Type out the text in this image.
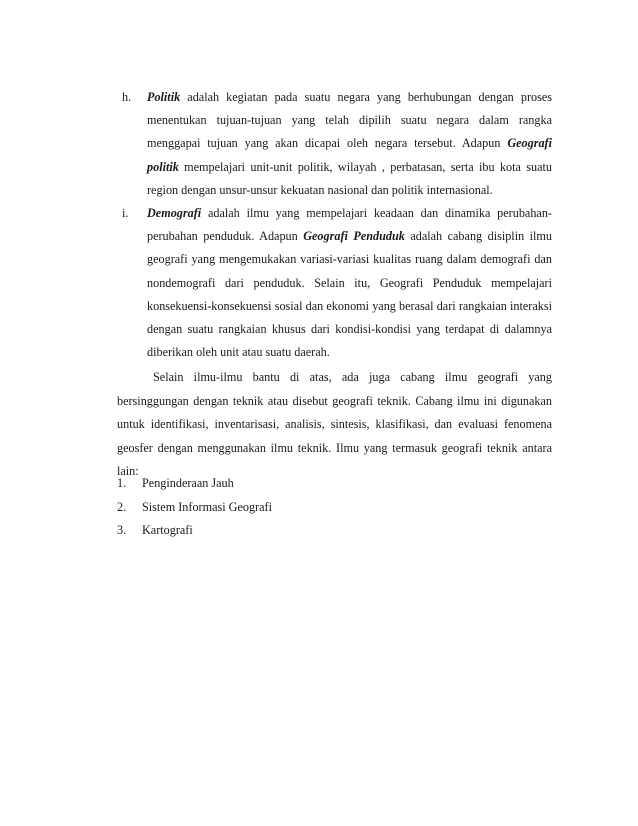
h. Politik adalah kegiatan pada suatu negara yang berhubungan dengan proses menentukan tujuan-tujuan yang telah dipilih suatu negara dalam rangka menggapai tujuan yang akan dicapai oleh negara tersebut. Adapun Geografi politik mempelajari unit-unit politik, wilayah , perbatasan, serta ibu kota suatu region dengan unsur-unsur kekuatan nasional dan politik internasional.
i. Demografi adalah ilmu yang mempelajari keadaan dan dinamika perubahan-perubahan penduduk. Adapun Geografi Penduduk adalah cabang disiplin ilmu geografi yang mengemukakan variasi-variasi kualitas ruang dalam demografi dan nondemografi dari penduduk. Selain itu, Geografi Penduduk mempelajari konsekuensi-konsekuensi sosial dan ekonomi yang berasal dari rangkaian interaksi dengan suatu rangkaian khusus dari kondisi-kondisi yang terdapat di dalamnya diberikan oleh unit atau suatu daerah.

Selain ilmu-ilmu bantu di atas, ada juga cabang ilmu geografi yang bersinggungan dengan teknik atau disebut geografi teknik. Cabang ilmu ini digunakan untuk identifikasi, inventarisasi, analisis, sintesis, klasifikasi, dan evaluasi fenomena geosfer dengan menggunakan ilmu teknik. Ilmu yang termasuk geografi teknik antara lain:

1. Penginderaan Jauh
2. Sistem Informasi Geografi
3. Kartografi
